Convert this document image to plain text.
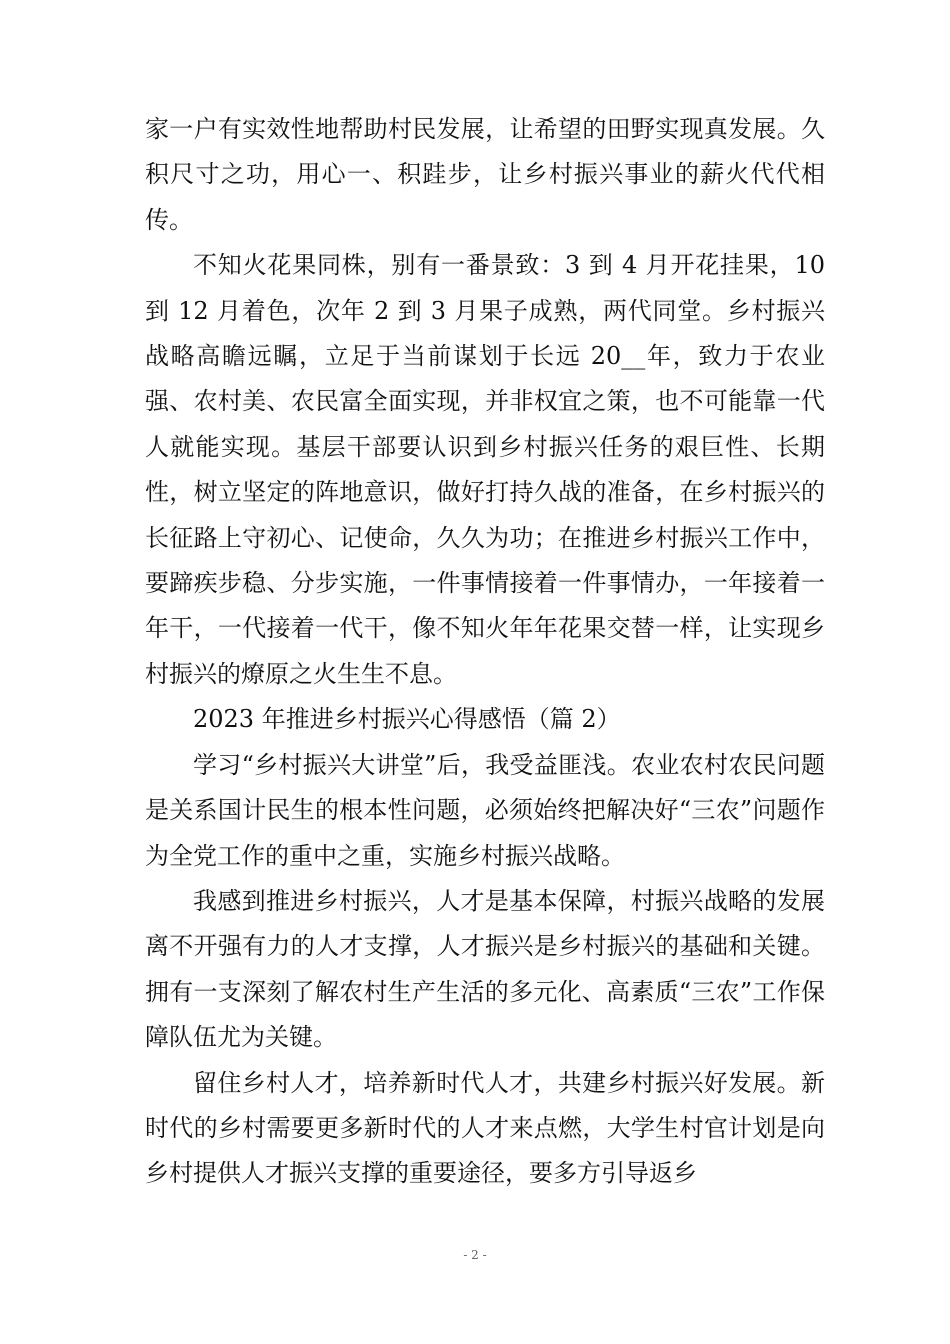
家一户有实效性地帮助村民发展，让希望的田野实现真发展。久积尺寸之功，用心一、积跬步，让乡村振兴事业的薪火代代相传。

不知火花果同株，别有一番景致：3 到 4 月开花挂果，10 到 12 月着色，次年 2 到 3 月果子成熟，两代同堂。乡村振兴战略高瞻远瞩，立足于当前谋划于长远 20__年，致力于农业强、农村美、农民富全面实现，并非权宜之策，也不可能靠一代人就能实现。基层干部要认识到乡村振兴任务的艰巨性、长期性，树立坚定的阵地意识，做好打持久战的准备，在乡村振兴的长征路上守初心、记使命，久久为功；在推进乡村振兴工作中，要蹄疾步稳、分步实施，一件事情接着一件事情办，一年接着一年干，一代接着一代干，像不知火年年花果交替一样，让实现乡村振兴的燎原之火生生不息。

2023 年推进乡村振兴心得感悟（篇 2）

学习“乡村振兴大讲堂”后，我受益匪浅。农业农村农民问题是关系国计民生的根本性问题，必须始终把解决好“三农”问题作为全党工作的重中之重，实施乡村振兴战略。

我感到推进乡村振兴，人才是基本保障，村振兴战略的发展离不开强有力的人才支撑，人才振兴是乡村振兴的基础和关键。拥有一支深刻了解农村生产生活的多元化、高素质“三农”工作保障队伍尤为关键。

留住乡村人才，培养新时代人才，共建乡村振兴好发展。新时代的乡村需要更多新时代的人才来点燃，大学生村官计划是向乡村提供人才振兴支撑的重要途径，要多方引导返乡

- 2 -
